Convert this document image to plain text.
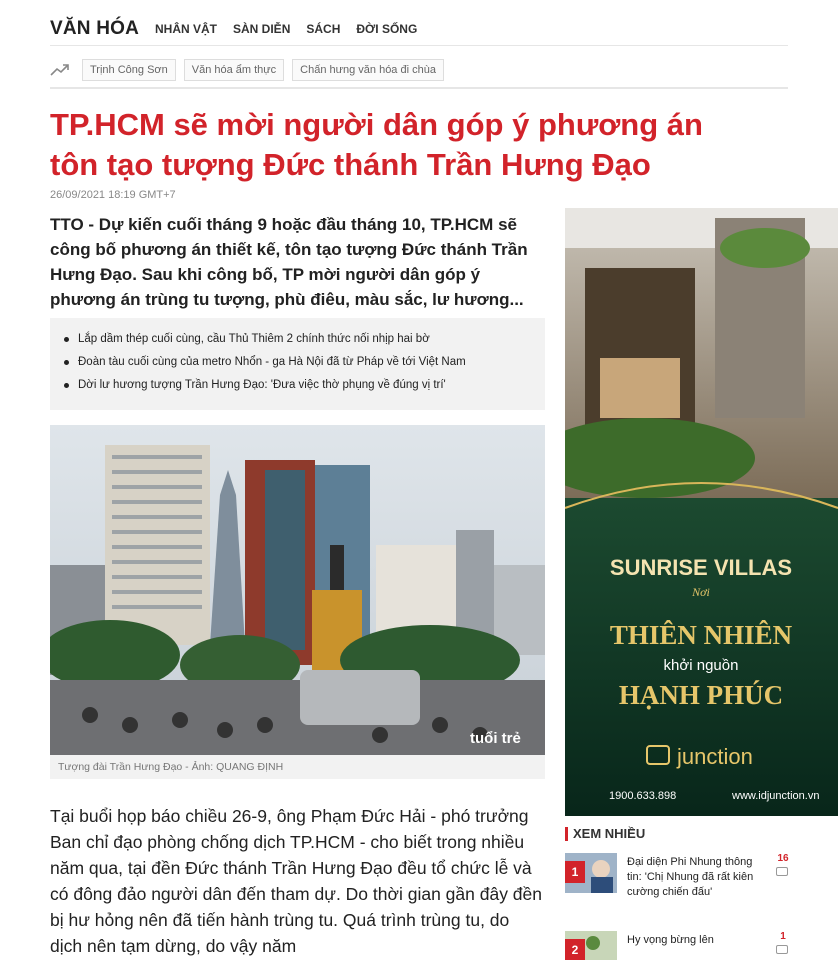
VĂN HÓA NHÂN VẬT SÀN DIỄN SÁCH ĐỜI SỐNG
Trịnh Công Sơn	Văn hóa ẩm thực	Chấn hưng văn hóa đi chùa
TP.HCM sẽ mời người dân góp ý phương án tôn tạo tượng Đức thánh Trần Hưng Đạo
26/09/2021 18:19 GMT+7
TTO - Dự kiến cuối tháng 9 hoặc đầu tháng 10, TP.HCM sẽ công bố phương án thiết kế, tôn tạo tượng Đức thánh Trần Hưng Đạo. Sau khi công bố, TP mời người dân góp ý phương án trùng tu tượng, phù điêu, màu sắc, lư hương...
Lắp dầm thép cuối cùng, cầu Thủ Thiêm 2 chính thức nối nhịp hai bờ
Đoàn tàu cuối cùng của metro Nhổn - ga Hà Nội đã từ Pháp về tới Việt Nam
Dời lư hương tượng Trần Hưng Đạo: 'Đưa việc thờ phụng về đúng vị trí'
tuổi trẻ
Tượng đài Trần Hưng Đạo - Ảnh: QUANG ĐỊNH
Tại buổi họp báo chiều 26-9, ông Phạm Đức Hải - phó trưởng Ban chỉ đạo phòng chống dịch TP.HCM - cho biết trong nhiều năm qua, tại đền Đức thánh Trần Hưng Đạo đều tổ chức lễ và có đông đảo người dân đến tham dự. Do thời gian gần đây đền bị hư hỏng nên đã tiến hành trùng tu. Quá trình trùng tu, do dịch nên tạm dừng, do vậy năm
SUNRISE VILLAS
Nơi
THIÊN NHIÊN
khởi nguồn
HẠNH PHÚC
junction
1900.633.898	www.idjunction.vn
XEM NHIỀU
1
Đại diện Phi Nhung thông tin: 'Chị Nhung đã rất kiên cường chiến đấu'
16
2
Hy vọng bừng lên	1
